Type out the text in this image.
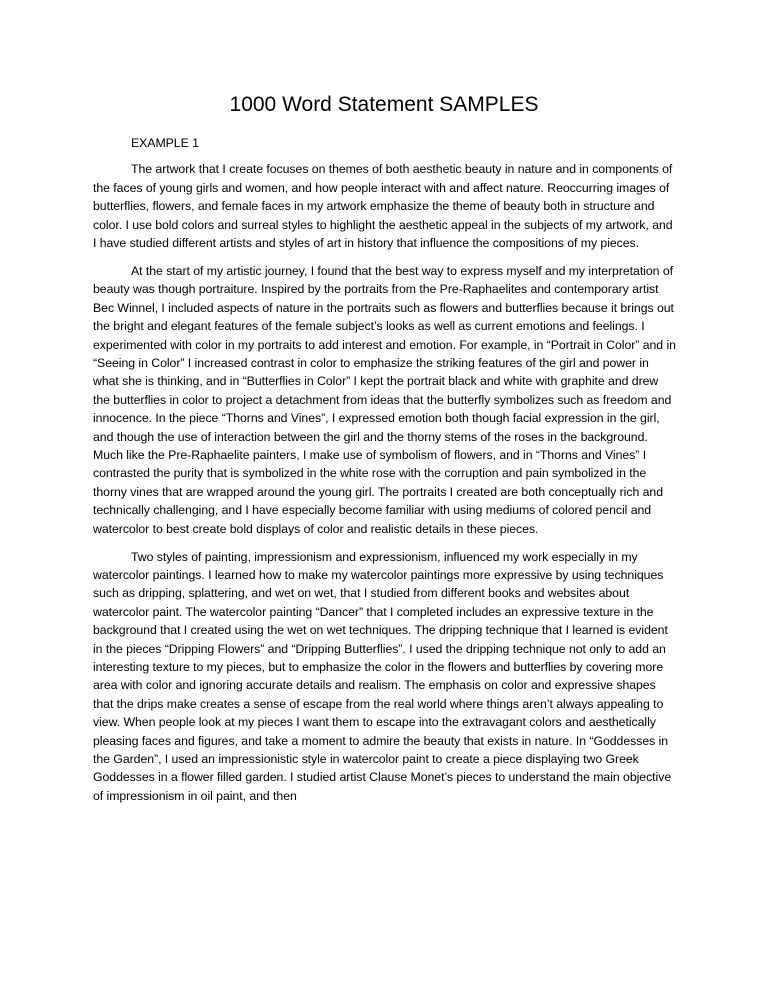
1000 Word Statement SAMPLES

EXAMPLE 1

The artwork that I create focuses on themes of both aesthetic beauty in nature and in components of the faces of young girls and women, and how people interact with and affect nature. Reoccurring images of butterflies, flowers, and female faces in my artwork emphasize the theme of beauty both in structure and color. I use bold colors and surreal styles to highlight the aesthetic appeal in the subjects of my artwork, and I have studied different artists and styles of art in history that influence the compositions of my pieces.

At the start of my artistic journey, I found that the best way to express myself and my interpretation of beauty was though portraiture. Inspired by the portraits from the Pre-Raphaelites and contemporary artist Bec Winnel, I included aspects of nature in the portraits such as flowers and butterflies because it brings out the bright and elegant features of the female subject’s looks as well as current emotions and feelings. I experimented with color in my portraits to add interest and emotion. For example, in “Portrait in Color” and in “Seeing in Color” I increased contrast in color to emphasize the striking features of the girl and power in what she is thinking, and in “Butterflies in Color” I kept the portrait black and white with graphite and drew the butterflies in color to project a detachment from ideas that the butterfly symbolizes such as freedom and innocence. In the piece “Thorns and Vines”, I expressed emotion both though facial expression in the girl, and though the use of interaction between the girl and the thorny stems of the roses in the background. Much like the Pre-Raphaelite painters, I make use of symbolism of flowers, and in “Thorns and Vines” I contrasted the purity that is symbolized in the white rose with the corruption and pain symbolized in the thorny vines that are wrapped around the young girl. The portraits I created are both conceptually rich and technically challenging, and I have especially become familiar with using mediums of colored pencil and watercolor to best create bold displays of color and realistic details in these pieces.

Two styles of painting, impressionism and expressionism, influenced my work especially in my watercolor paintings. I learned how to make my watercolor paintings more expressive by using techniques such as dripping, splattering, and wet on wet, that I studied from different books and websites about watercolor paint. The watercolor painting “Dancer” that I completed includes an expressive texture in the background that I created using the wet on wet techniques. The dripping technique that I learned is evident in the pieces “Dripping Flowers” and “Dripping Butterflies”. I used the dripping technique not only to add an interesting texture to my pieces, but to emphasize the color in the flowers and butterflies by covering more area with color and ignoring accurate details and realism. The emphasis on color and expressive shapes that the drips make creates a sense of escape from the real world where things aren’t always appealing to view. When people look at my pieces I want them to escape into the extravagant colors and aesthetically pleasing faces and figures, and take a moment to admire the beauty that exists in nature. In “Goddesses in the Garden”, I used an impressionistic style in watercolor paint to create a piece displaying two Greek Goddesses in a flower filled garden. I studied artist Clause Monet’s pieces to understand the main objective of impressionism in oil paint, and then
